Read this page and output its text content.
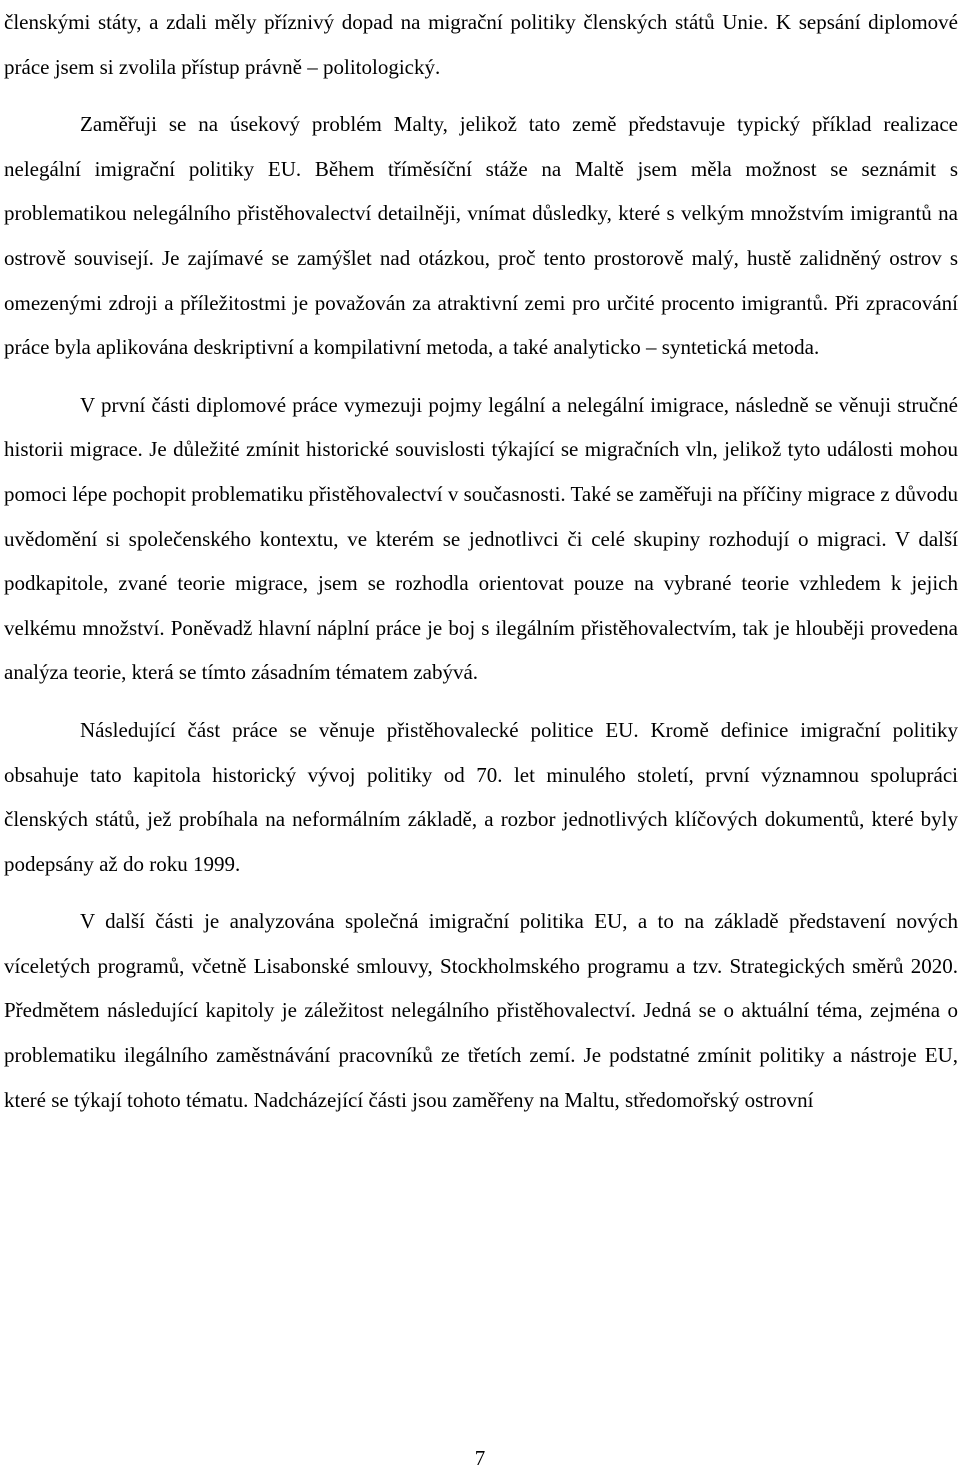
členskými státy, a zdali měly příznivý dopad na migrační politiky členských států Unie. K sepsání diplomové práce jsem si zvolila přístup právně – politologický.

Zaměřuji se na úsekový problém Malty, jelikož tato země představuje typický příklad realizace nelegální imigrační politiky EU. Během tříměsíční stáže na Maltě jsem měla možnost se seznámit s problematikou nelegálního přistěhovalectví detailněji, vnímat důsledky, které s velkým množstvím imigrantů na ostrově souvisejí. Je zajímavé se zamýšlet nad otázkou, proč tento prostorově malý, hustě zalidněný ostrov s omezenými zdroji a příležitostmi je považován za atraktivní zemi pro určité procento imigrantů. Při zpracování práce byla aplikována deskriptivní a kompilativní metoda, a také analyticko – syntetická metoda.

V první části diplomové práce vymezuji pojmy legální a nelegální imigrace, následně se věnuji stručné historii migrace. Je důležité zmínit historické souvislosti týkající se migračních vln, jelikož tyto události mohou pomoci lépe pochopit problematiku přistěhovalectví v současnosti. Také se zaměřuji na příčiny migrace z důvodu uvědomění si společenského kontextu, ve kterém se jednotlivci či celé skupiny rozhodují o migraci. V další podkapitole, zvané teorie migrace, jsem se rozhodla orientovat pouze na vybrané teorie vzhledem k jejich velkému množství. Poněvadž hlavní náplní práce je boj s ilegálním přistěhovalectvím, tak je hlouběji provedena analýza teorie, která se tímto zásadním tématem zabývá.

Následující část práce se věnuje přistěhovalecké politice EU. Kromě definice imigrační politiky obsahuje tato kapitola historický vývoj politiky od 70. let minulého století, první významnou spolupráci členských států, jež probíhala na neformálním základě, a rozbor jednotlivých klíčových dokumentů, které byly podepsány až do roku 1999.

V další části je analyzována společná imigrační politika EU, a to na základě představení nových víceletých programů, včetně Lisabonské smlouvy, Stockholmského programu a tzv. Strategických směrů 2020. Předmětem následující kapitoly je záležitost nelegálního přistěhovalectví. Jedná se o aktuální téma, zejména o problematiku ilegálního zaměstnávání pracovníků ze třetích zemí. Je podstatné zmínit politiky a nástroje EU, které se týkají tohoto tématu. Nadcházející části jsou zaměřeny na Maltu, středomořský ostrovní

7
